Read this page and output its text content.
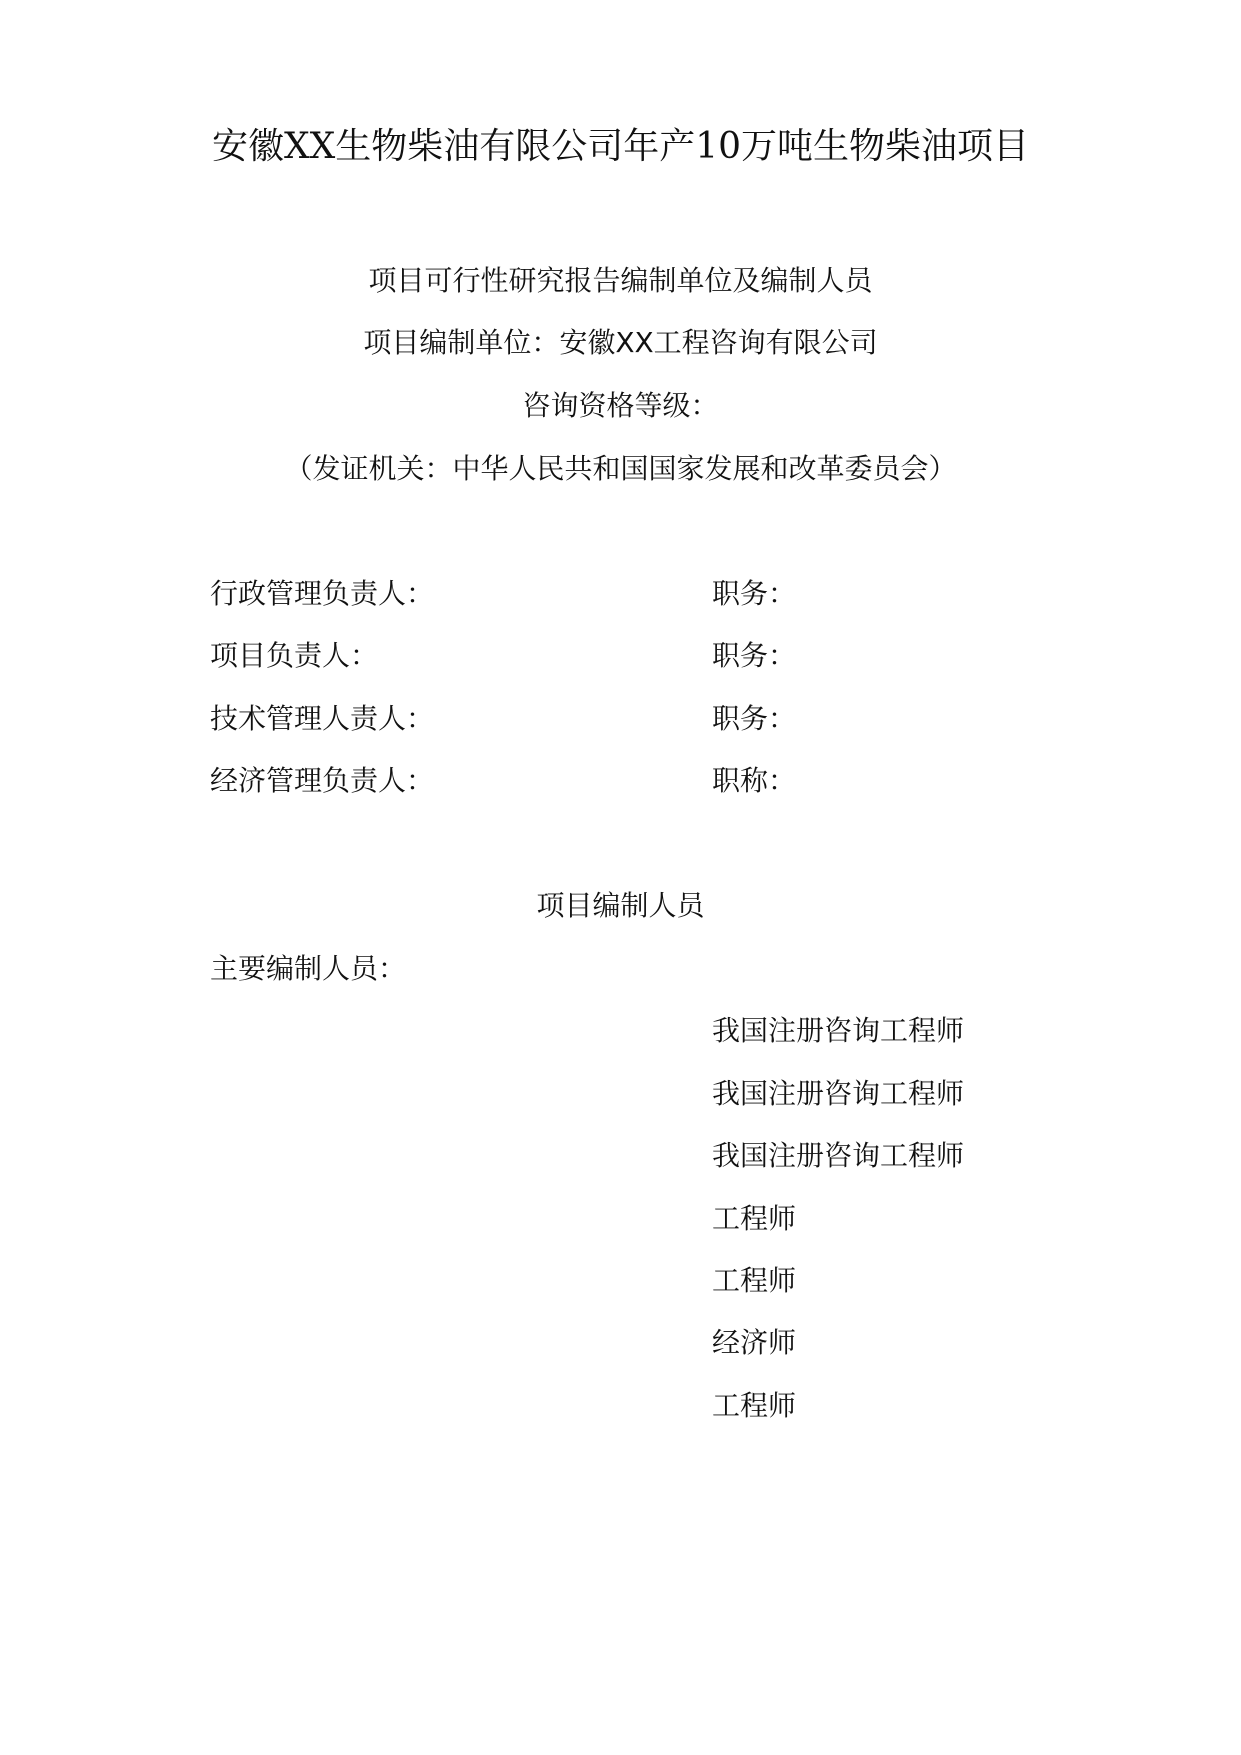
安徽XX生物柴油有限公司年产10万吨生物柴油项目
项目可行性研究报告编制单位及编制人员
项目编制单位：安徽XX工程咨询有限公司
咨询资格等级：
（发证机关：中华人民共和国国家发展和改革委员会）
行政管理负责人：	职务：
项目负责人：	职务：
技术管理人责人：	职务：
经济管理负责人：	职称：
项目编制人员
主要编制人员：
我国注册咨询工程师
我国注册咨询工程师
我国注册咨询工程师
工程师
工程师
经济师
工程师
